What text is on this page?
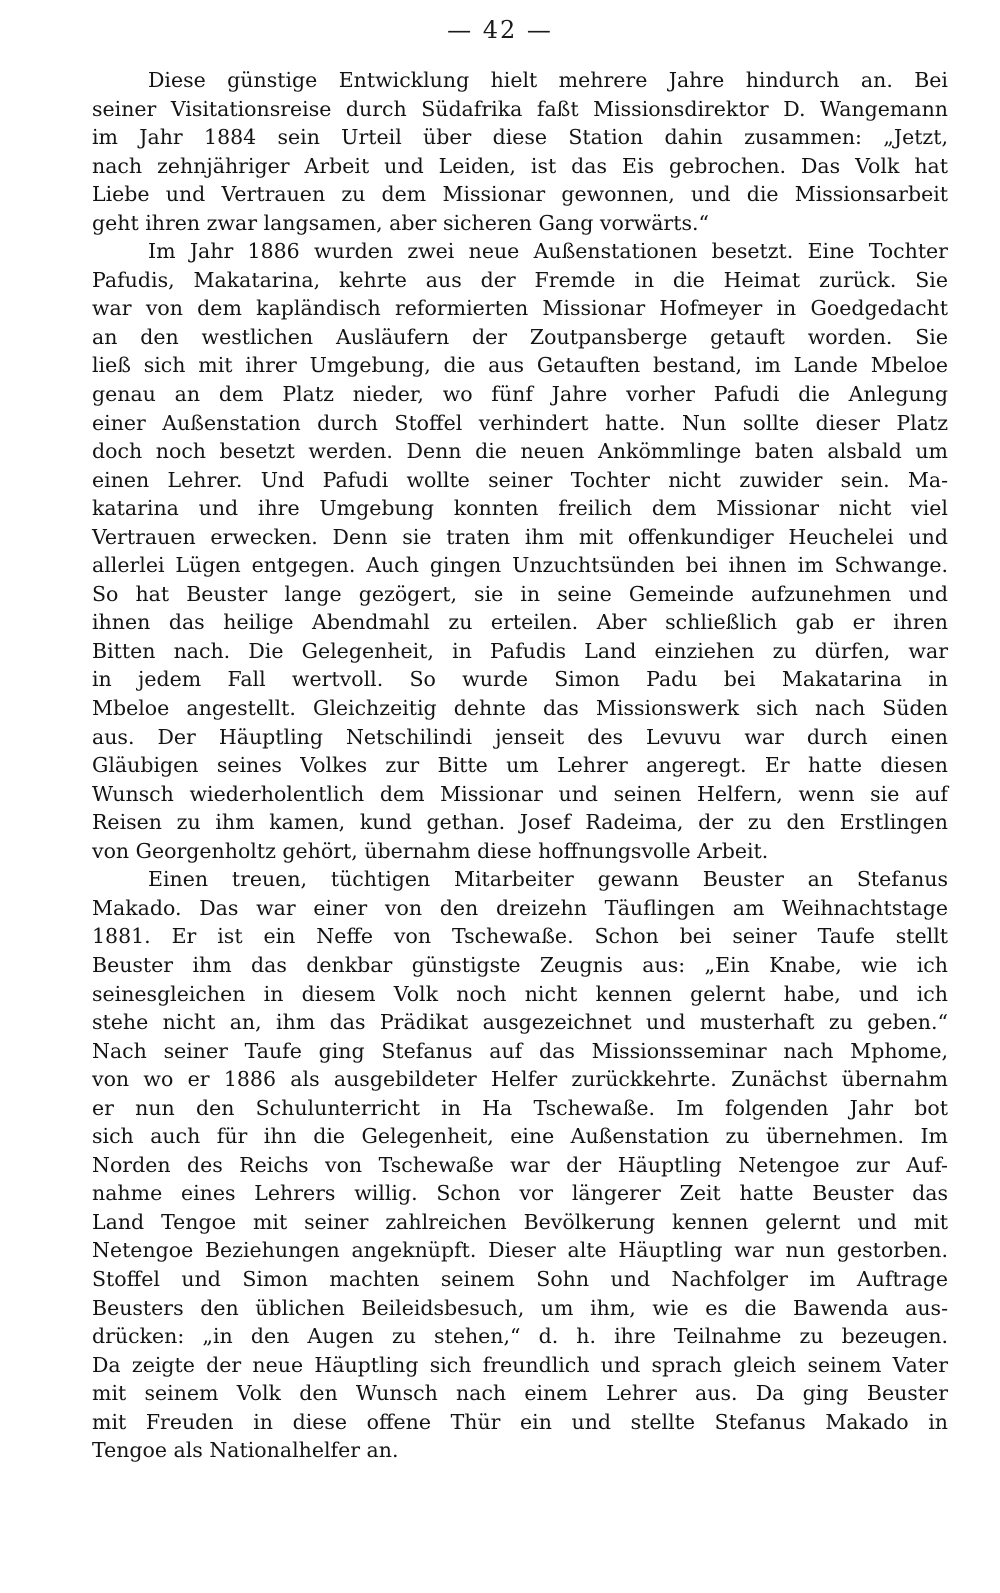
— 42 —
Diese günstige Entwicklung hielt mehrere Jahre hindurch an. Bei
seiner Visitationsreise durch Südafrika faßt Missionsdirektor D. Wangemann
im Jahr 1884 sein Urteil über diese Station dahin zusammen: „Jetzt,
nach zehnjähriger Arbeit und Leiden, ist das Eis gebrochen. Das Volk hat
Liebe und Vertrauen zu dem Missionar gewonnen, und die Missionsarbeit
geht ihren zwar langsamen, aber sicheren Gang vorwärts.“
Im Jahr 1886 wurden zwei neue Außenstationen besetzt. Eine Tochter
Pafudis, Makatarina, kehrte aus der Fremde in die Heimat zurück. Sie
war von dem kapländisch reformierten Missionar Hofmeyer in Goedgedacht
an den westlichen Ausläufern der Zoutpansberge getauft worden. Sie
ließ sich mit ihrer Umgebung, die aus Getauften bestand, im Lande Mbeloe
genau an dem Platz nieder, wo fünf Jahre vorher Pafudi die Anlegung
einer Außenstation durch Stoffel verhindert hatte. Nun sollte dieser Platz
doch noch besetzt werden. Denn die neuen Ankömmlinge baten alsbald um
einen Lehrer. Und Pafudi wollte seiner Tochter nicht zuwider sein. Ma-
katarina und ihre Umgebung konnten freilich dem Missionar nicht viel
Vertrauen erwecken. Denn sie traten ihm mit offenkundiger Heuchelei und
allerlei Lügen entgegen. Auch gingen Unzuchtsünden bei ihnen im Schwange.
So hat Beuster lange gezögert, sie in seine Gemeinde aufzunehmen und
ihnen das heilige Abendmahl zu erteilen. Aber schließlich gab er ihren
Bitten nach. Die Gelegenheit, in Pafudis Land einziehen zu dürfen, war
in jedem Fall wertvoll. So wurde Simon Padu bei Makatarina in
Mbeloe angestellt. Gleichzeitig dehnte das Missionswerk sich nach Süden
aus. Der Häuptling Netschilindi jenseit des Levuvu war durch einen
Gläubigen seines Volkes zur Bitte um Lehrer angeregt. Er hatte diesen
Wunsch wiederholentlich dem Missionar und seinen Helfern, wenn sie auf
Reisen zu ihm kamen, kund gethan. Josef Radeima, der zu den Erstlingen
von Georgenholtz gehört, übernahm diese hoffnungsvolle Arbeit.
Einen treuen, tüchtigen Mitarbeiter gewann Beuster an Stefanus
Makado. Das war einer von den dreizehn Täuflingen am Weihnachtstage
1881. Er ist ein Neffe von Tschewaße. Schon bei seiner Taufe stellt
Beuster ihm das denkbar günstigste Zeugnis aus: „Ein Knabe, wie ich
seinesgleichen in diesem Volk noch nicht kennen gelernt habe, und ich
stehe nicht an, ihm das Prädikat ausgezeichnet und musterhaft zu geben.“
Nach seiner Taufe ging Stefanus auf das Missionsseminar nach Mphome,
von wo er 1886 als ausgebildeter Helfer zurückkehrte. Zunächst übernahm
er nun den Schulunterricht in Ha Tschewaße. Im folgenden Jahr bot
sich auch für ihn die Gelegenheit, eine Außenstation zu übernehmen. Im
Norden des Reichs von Tschewaße war der Häuptling Netengoe zur Auf-
nahme eines Lehrers willig. Schon vor längerer Zeit hatte Beuster das
Land Tengoe mit seiner zahlreichen Bevölkerung kennen gelernt und mit
Netengoe Beziehungen angeknüpft. Dieser alte Häuptling war nun gestorben.
Stoffel und Simon machten seinem Sohn und Nachfolger im Auftrage
Beusters den üblichen Beileidsbesuch, um ihm, wie es die Bawenda aus-
drücken: „in den Augen zu stehen,“ d. h. ihre Teilnahme zu bezeugen.
Da zeigte der neue Häuptling sich freundlich und sprach gleich seinem Vater
mit seinem Volk den Wunsch nach einem Lehrer aus. Da ging Beuster
mit Freuden in diese offene Thür ein und stellte Stefanus Makado in
Tengoe als Nationalhelfer an.
